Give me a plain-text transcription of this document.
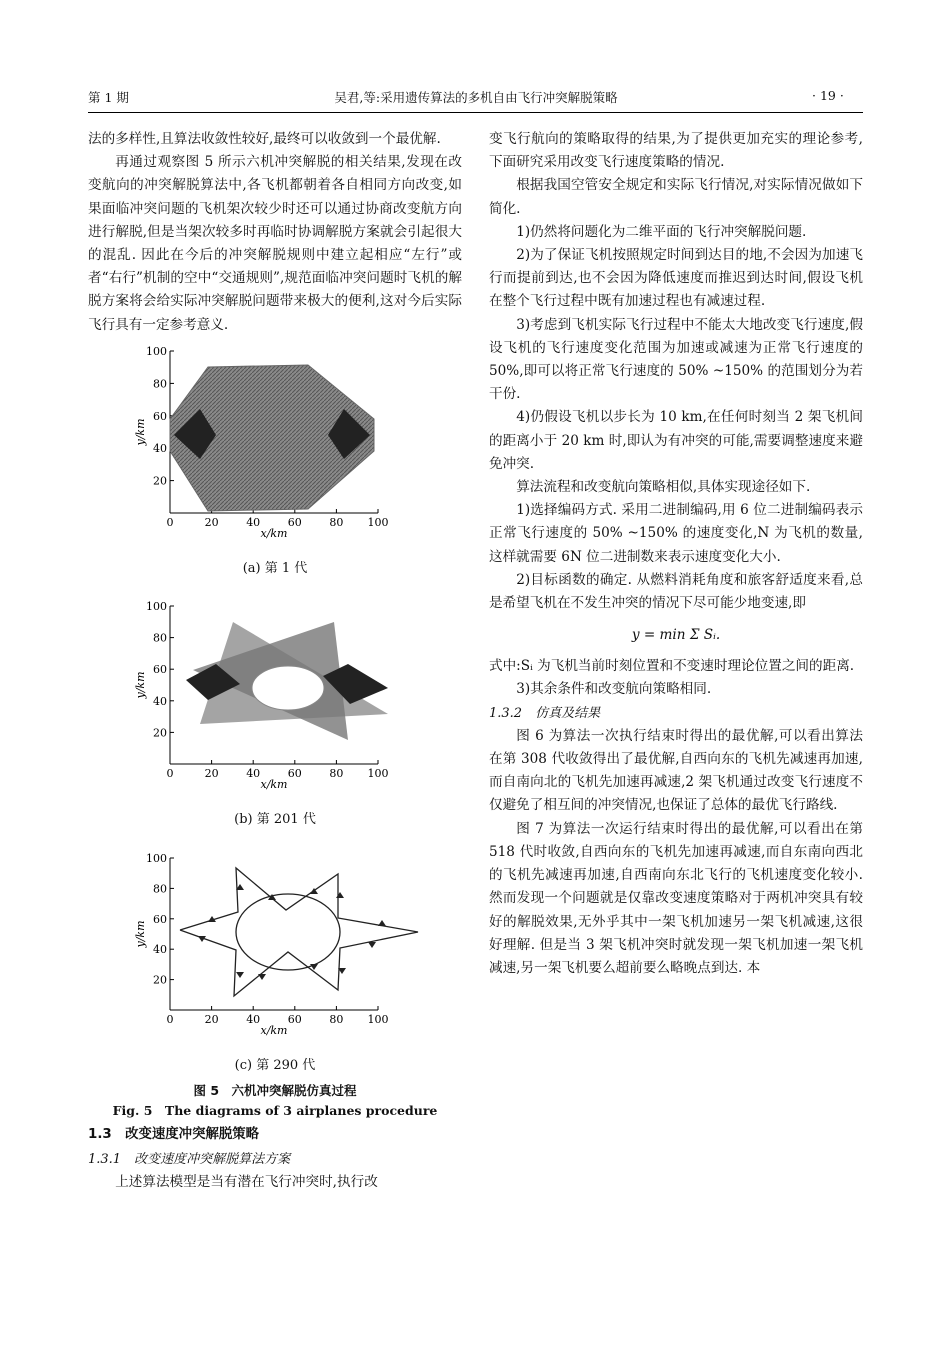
第 1 期	吴君,等:采用遗传算法的多机自由飞行冲突解脱策略	· 19 ·

法的多样性,且算法收敛性较好,最终可以收敛到一个最优解.

再通过观察图 5 所示六机冲突解脱的相关结果,发现在改变航向的冲突解脱算法中,各飞机都朝着各自相同方向改变,如果面临冲突问题的飞机架次较少时还可以通过协商改变航方向进行解脱,但是当架次较多时再临时协调解脱方案就会引起很大的混乱. 因此在今后的冲突解脱规则中建立起相应“左行”或者“右行”机制的空中“交通规则”,规范面临冲突问题时飞机的解脱方案将会给实际冲突解脱问题带来极大的便利,这对今后实际飞行具有一定参考意义.

0	20	40	60	80 100
20
40
60
80
100
x/km
y/km
(a) 第 1 代
0	20	40	60	80 100
20
40
60
80
100
x/km
y/km
(b) 第 201 代
0	20	40	60	80 100
20
40
60
80
100
x/km
y/km
(c) 第 290 代
图 5　六机冲突解脱仿真过程
Fig. 5　The diagrams of 3 airplanes procedure
1.3　改变速度冲突解脱策略
1.3.1　改变速度冲突解脱算法方案

上述算法模型是当有潜在飞行冲突时,执行改

变飞行航向的策略取得的结果,为了提供更加充实的理论参考,下面研究采用改变飞行速度策略的情况.

根据我国空管安全规定和实际飞行情况,对实际情况做如下简化.

1)仍然将问题化为二维平面的飞行冲突解脱问题.

2)为了保证飞机按照规定时间到达目的地,不会因为加速飞行而提前到达,也不会因为降低速度而推迟到达时间,假设飞机在整个飞行过程中既有加速过程也有减速过程.

3)考虑到飞机实际飞行过程中不能太大地改变飞行速度,假设飞机的飞行速度变化范围为加速或减速为正常飞行速度的 50%,即可以将正常飞行速度的 50% ~150% 的范围划分为若干份.

4)仍假设飞机以步长为 10 km,在任何时刻当 2 架飞机间的距离小于 20 km 时,即认为有冲突的可能,需要调整速度来避免冲突.

算法流程和改变航向策略相似,具体实现途径如下.

1)选择编码方式. 采用二进制编码,用 6 位二进制编码表示正常飞行速度的 50% ~150% 的速度变化,N 为飞机的数量,这样就需要 6N 位二进制数来表示速度变化大小.

2)目标函数的确定. 从燃料消耗角度和旅客舒适度来看,总是希望飞机在不发生冲突的情况下尽可能少地变速,即

y = min Σ Sᵢ.

式中:Sᵢ 为飞机当前时刻位置和不变速时理论位置之间的距离.

3)其余条件和改变航向策略相同.

1.3.2　仿真及结果

图 6 为算法一次执行结束时得出的最优解,可以看出算法在第 308 代收敛得出了最优解,自西向东的飞机先减速再加速,而自南向北的飞机先加速再减速,2 架飞机通过改变飞行速度不仅避免了相互间的冲突情况,也保证了总体的最优飞行路线.

图 7 为算法一次运行结束时得出的最优解,可以看出在第518 代时收敛,自西向东的飞机先加速再减速,而自东南向西北的飞机先减速再加速,自西南向东北飞行的飞机速度变化较小. 然而发现一个问题就是仅靠改变速度策略对于两机冲突具有较好的解脱效果,无外乎其中一架飞机加速另一架飞机减速,这很好理解. 但是当 3 架飞机冲突时就发现一架飞机加速一架飞机减速,另一架飞机要么超前要么略晚点到达. 本
